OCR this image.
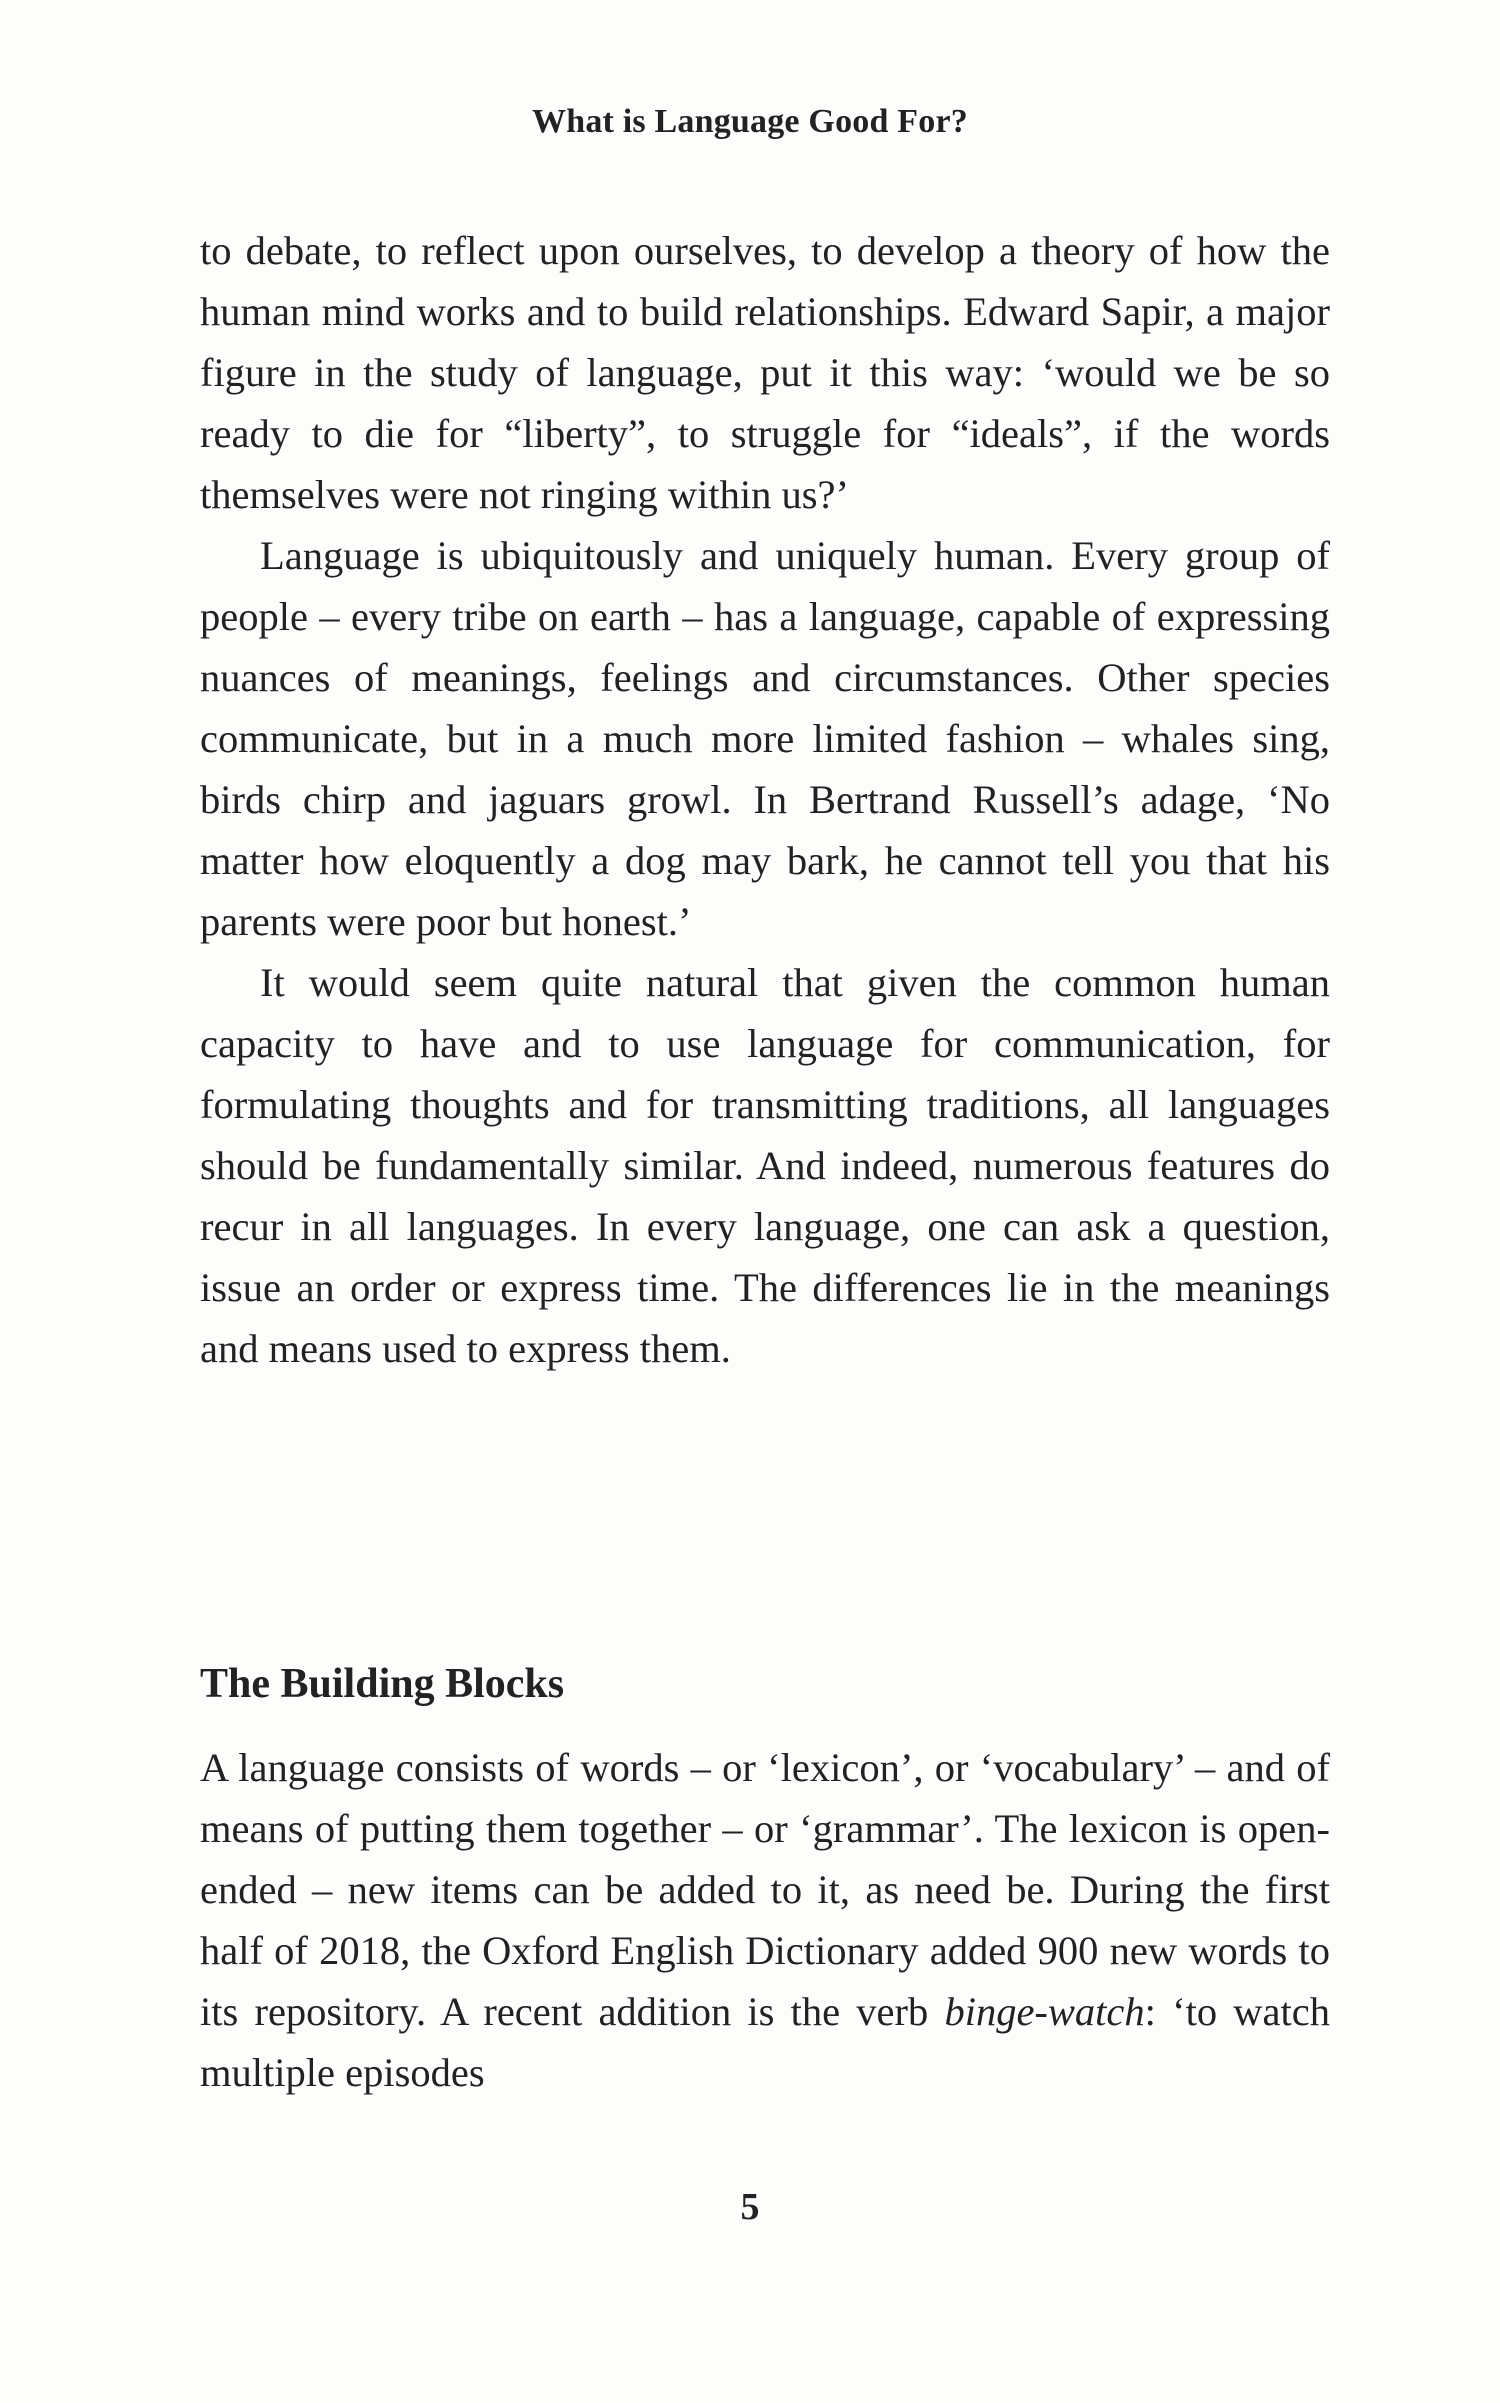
What is Language Good For?

to debate, to reflect upon ourselves, to develop a theory of how the human mind works and to build relationships. Edward Sapir, a major figure in the study of language, put it this way: ‘would we be so ready to die for “liberty”, to struggle for “ideals”, if the words themselves were not ringing within us?’

Language is ubiquitously and uniquely human. Every group of people – every tribe on earth – has a language, capable of expressing nuances of meanings, feelings and circumstances. Other species communicate, but in a much more limited fashion – whales sing, birds chirp and jaguars growl. In Bertrand Russell’s adage, ‘No matter how eloquently a dog may bark, he cannot tell you that his parents were poor but honest.’

It would seem quite natural that given the common human capacity to have and to use language for communication, for formulating thoughts and for transmitting traditions, all languages should be fundamentally similar. And indeed, numerous features do recur in all languages. In every language, one can ask a question, issue an order or express time. The differences lie in the meanings and means used to express them.

The Building Blocks

A language consists of words – or ‘lexicon’, or ‘vocabulary’ – and of means of putting them together – or ‘grammar’. The lexicon is open-ended – new items can be added to it, as need be. During the first half of 2018, the Oxford English Dictionary added 900 new words to its repository. A recent addition is the verb binge-watch: ‘to watch multiple episodes

5
